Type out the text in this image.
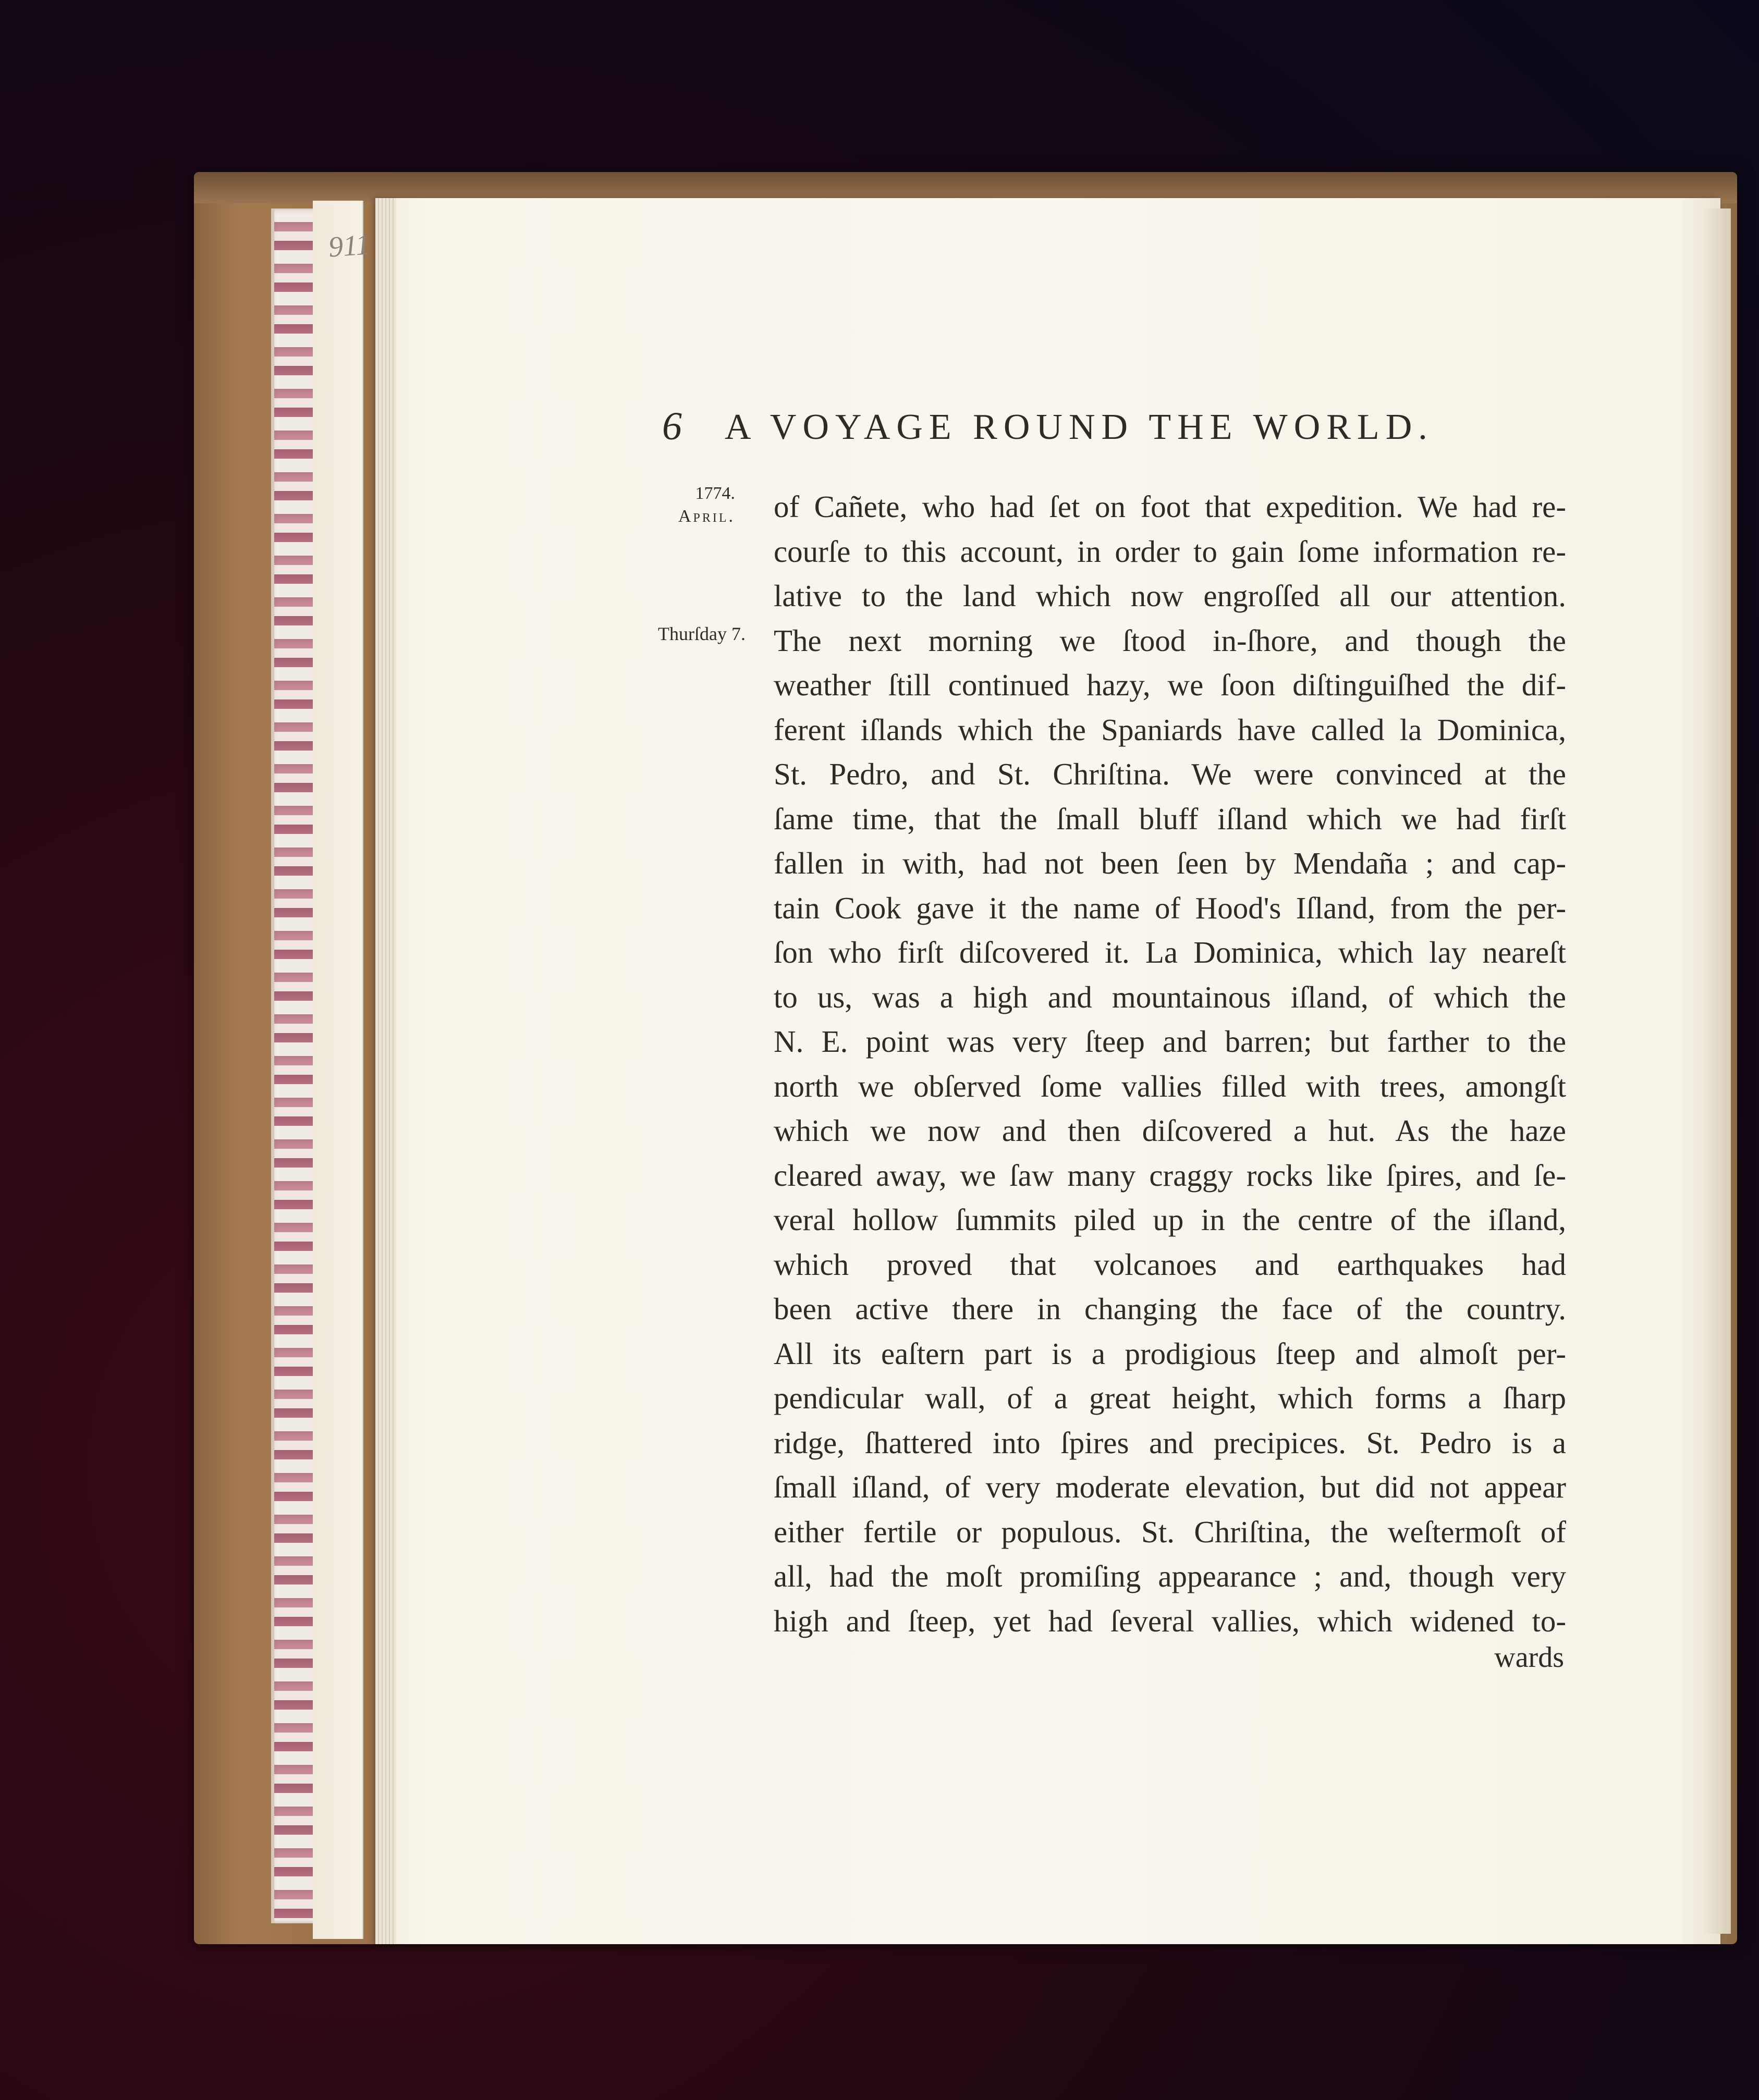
911
6	A VOYAGE ROUND THE WORLD.
1774.
April.
Thurſday 7.
of Cañete, who had ſet on foot that expedition. We had re-
courſe to this account, in order to gain ſome information re-
lative to the land which now engroſſed all our attention.
The next morning we ſtood in-ſhore, and though the
weather ſtill continued hazy, we ſoon diſtinguiſhed the dif-
ferent iſlands which the Spaniards have called la Dominica,
St. Pedro, and St. Chriſtina. We were convinced at the
ſame time, that the ſmall bluff iſland which we had firſt
fallen in with, had not been ſeen by Mendaña ; and cap-
tain Cook gave it the name of Hood's Iſland, from the per-
ſon who firſt diſcovered it. La Dominica, which lay neareſt
to us, was a high and mountainous iſland, of which the
N. E. point was very ſteep and barren; but farther to the
north we obſerved ſome vallies filled with trees, amongſt
which we now and then diſcovered a hut. As the haze
cleared away, we ſaw many craggy rocks like ſpires, and ſe-
veral hollow ſummits piled up in the centre of the iſland,
which proved that volcanoes and earthquakes had
been active there in changing the face of the country.
All its eaſtern part is a prodigious ſteep and almoſt per-
pendicular wall, of a great height, which forms a ſharp
ridge, ſhattered into ſpires and precipices. St. Pedro is a
ſmall iſland, of very moderate elevation, but did not appear
either fertile or populous. St. Chriſtina, the weſtermoſt of
all, had the moſt promiſing appearance ; and, though very
high and ſteep, yet had ſeveral vallies, which widened to-
wards
